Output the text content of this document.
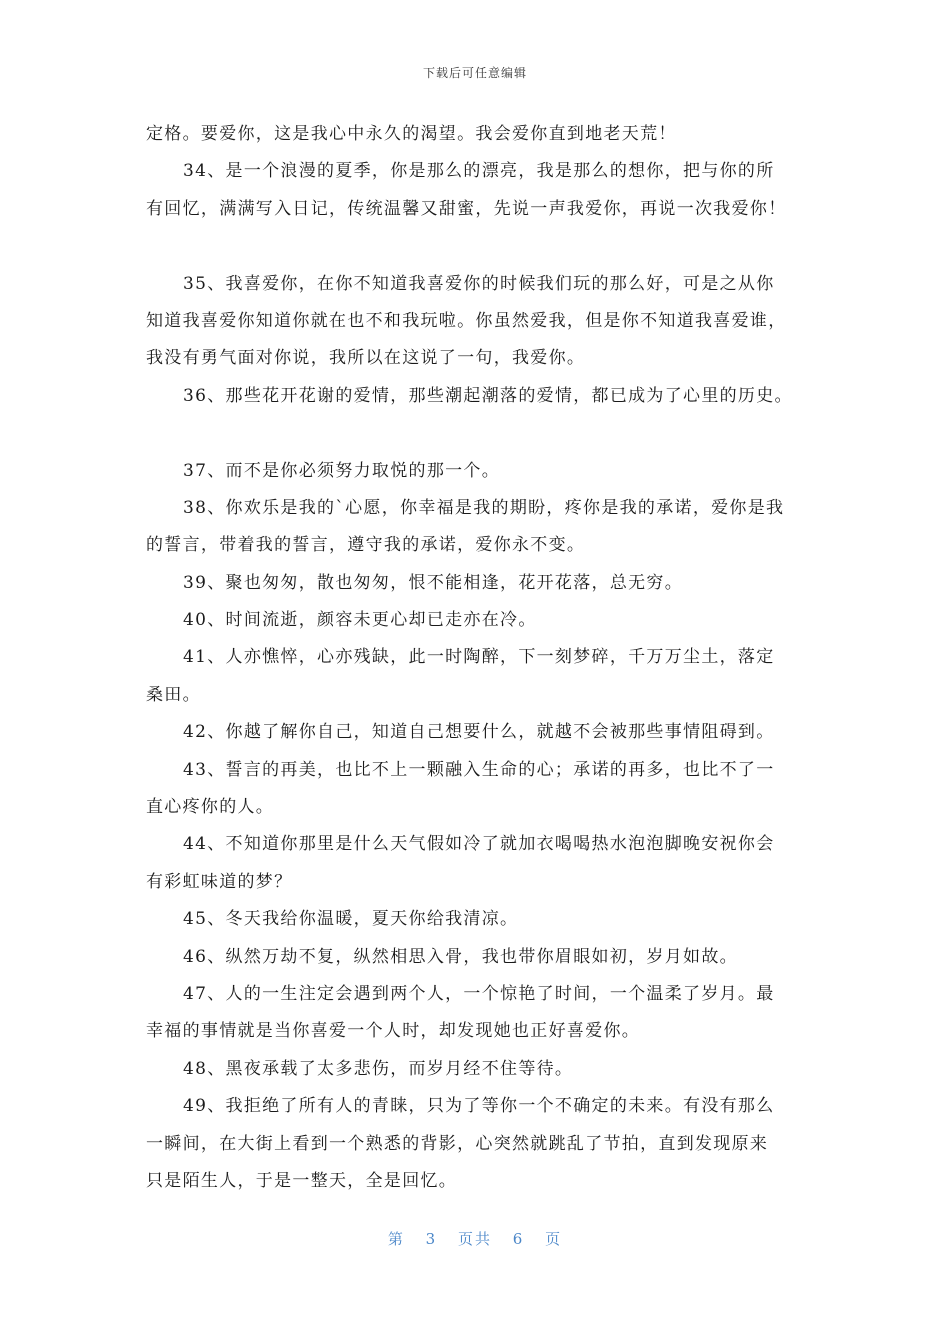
下载后可任意编辑
定格。要爱你，这是我心中永久的渴望。我会爱你直到地老天荒！
34、是一个浪漫的夏季，你是那么的漂亮，我是那么的想你，把与你的所
有回忆，满满写入日记，传统温馨又甜蜜，先说一声我爱你，再说一次我爱你！
35、我喜爱你，在你不知道我喜爱你的时候我们玩的那么好，可是之从你
知道我喜爱你知道你就在也不和我玩啦。你虽然爱我，但是你不知道我喜爱谁，
我没有勇气面对你说，我所以在这说了一句，我爱你。
36、那些花开花谢的爱情，那些潮起潮落的爱情，都已成为了心里的历史。
37、而不是你必须努力取悦的那一个。
38、你欢乐是我的`心愿，你幸福是我的期盼，疼你是我的承诺，爱你是我
的誓言，带着我的誓言，遵守我的承诺，爱你永不变。
39、聚也匆匆，散也匆匆，恨不能相逢，花开花落，总无穷。
40、时间流逝，颜容未更心却已走亦在冷。
41、人亦憔悴，心亦残缺，此一时陶醉，下一刻梦碎，千万万尘土，落定
桑田。
42、你越了解你自己，知道自己想要什么，就越不会被那些事情阻碍到。
43、誓言的再美，也比不上一颗融入生命的心；承诺的再多，也比不了一
直心疼你的人。
44、不知道你那里是什么天气假如冷了就加衣喝喝热水泡泡脚晚安祝你会
有彩虹味道的梦？
45、冬天我给你温暖，夏天你给我清凉。
46、纵然万劫不复，纵然相思入骨，我也带你眉眼如初，岁月如故。
47、人的一生注定会遇到两个人，一个惊艳了时间，一个温柔了岁月。最
幸福的事情就是当你喜爱一个人时，却发现她也正好喜爱你。
48、黑夜承载了太多悲伤，而岁月经不住等待。
49、我拒绝了所有人的青睐，只为了等你一个不确定的未来。有没有那么
一瞬间，在大街上看到一个熟悉的背影，心突然就跳乱了节拍，直到发现原来
只是陌生人，于是一整天，全是回忆。
第 3 页共 6 页
